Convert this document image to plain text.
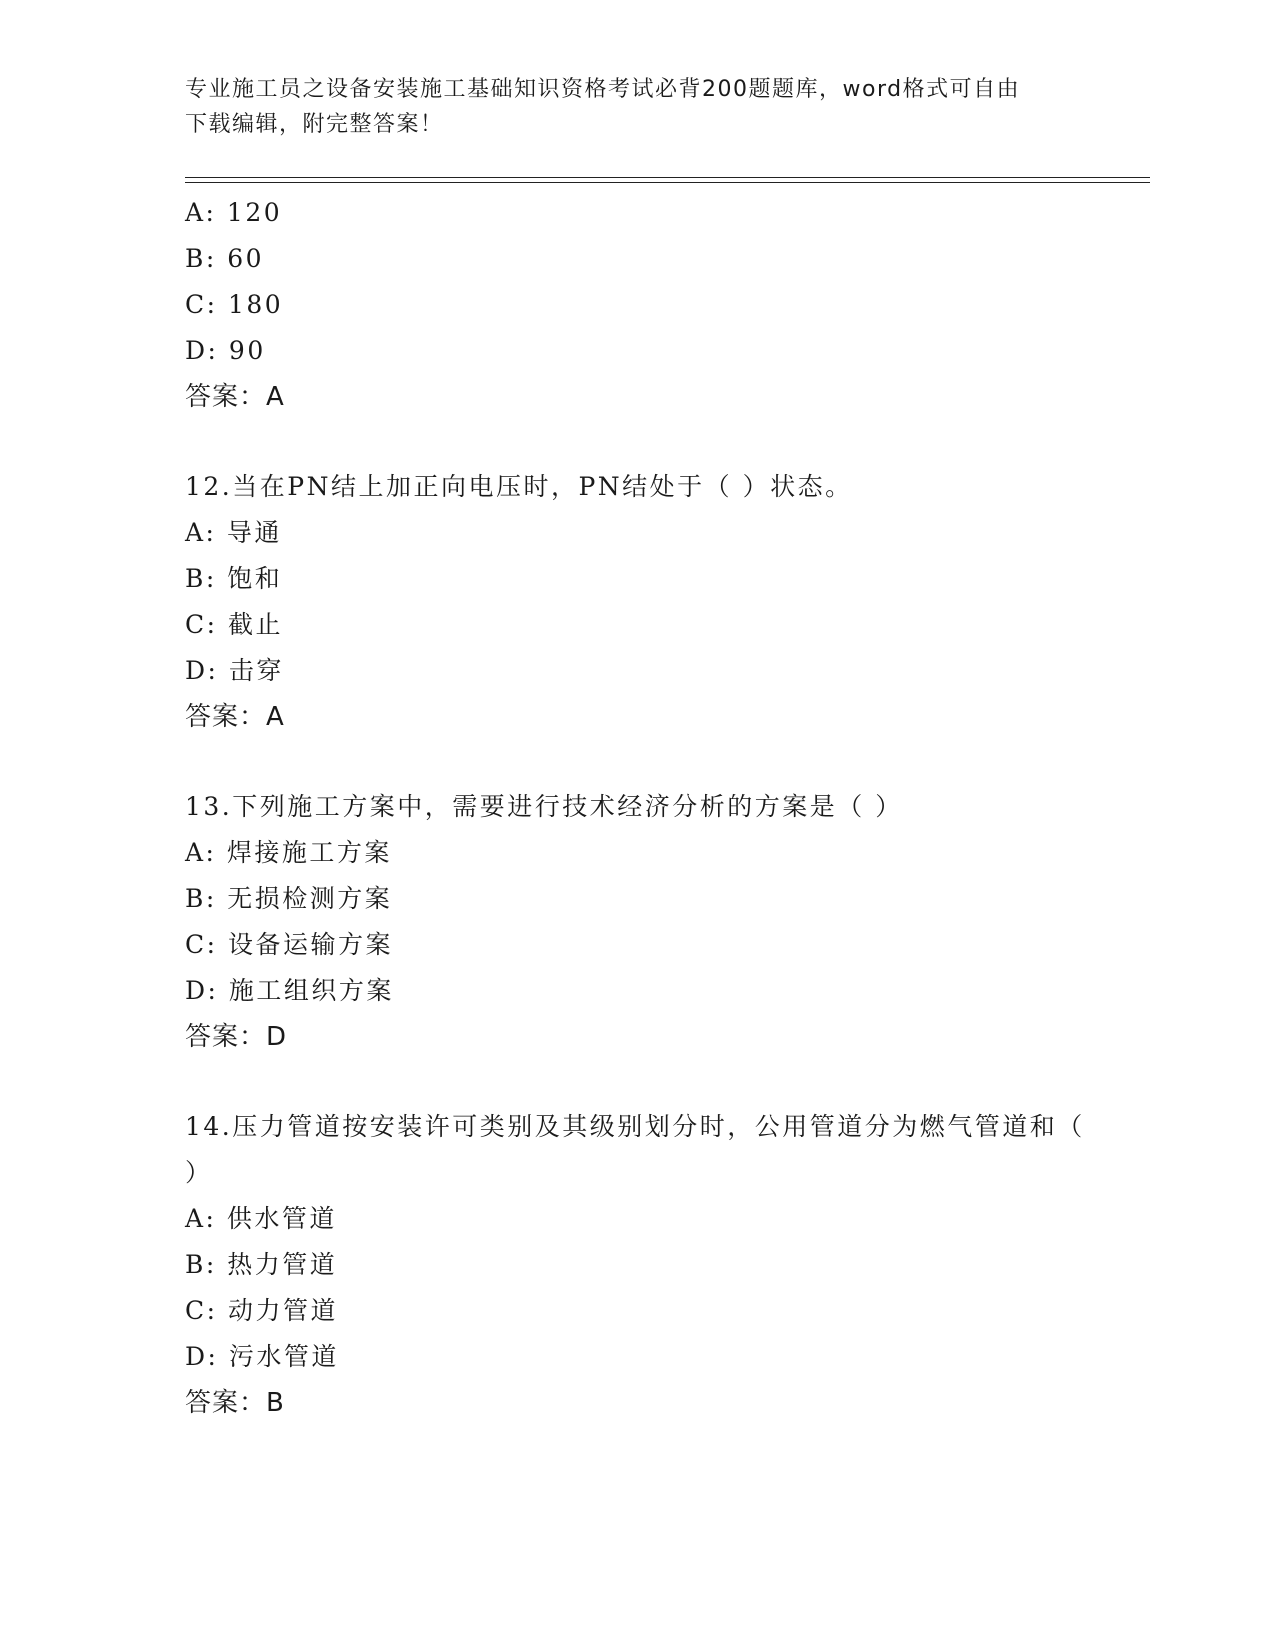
专业施工员之设备安装施工基础知识资格考试必背200题题库，word格式可自由
下载编辑，附完整答案！
A: 120
B: 60
C: 180
D: 90
答案：A
12.当在PN结上加正向电压时，PN结处于（ ）状态。
A: 导通
B: 饱和
C: 截止
D: 击穿
答案：A
13.下列施工方案中，需要进行技术经济分析的方案是（ ）
A: 焊接施工方案
B: 无损检测方案
C: 设备运输方案
D: 施工组织方案
答案：D
14.压力管道按安装许可类别及其级别划分时，公用管道分为燃气管道和（ ）
A: 供水管道
B: 热力管道
C: 动力管道
D: 污水管道
答案：B
